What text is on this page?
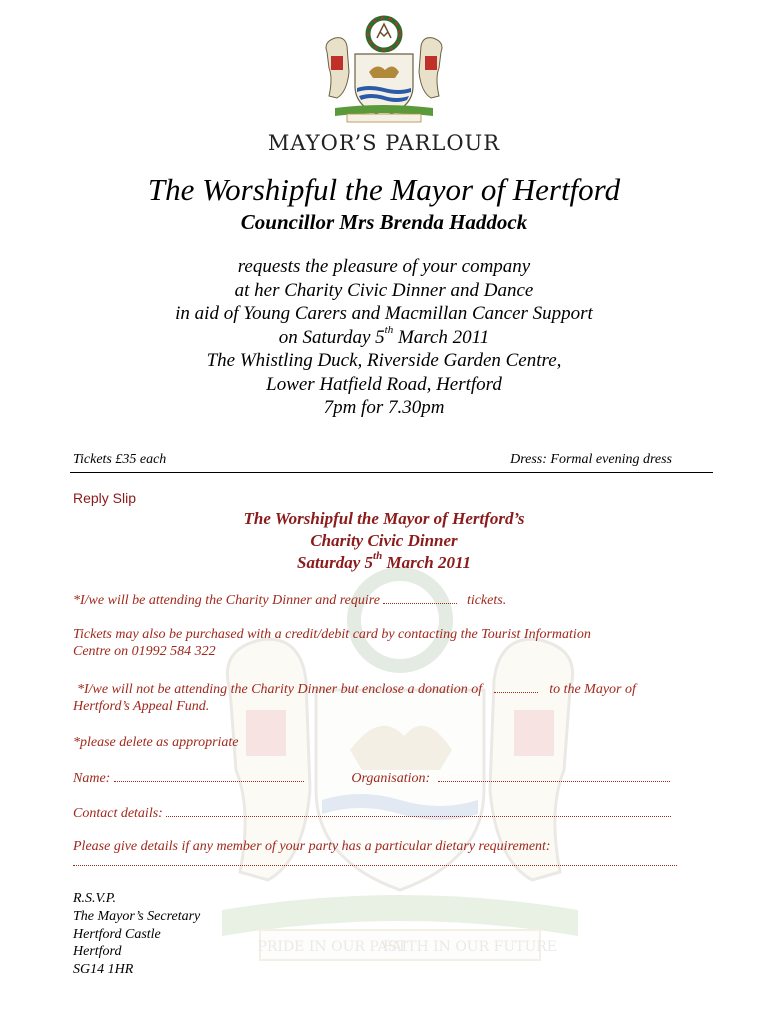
MAYOR’S PARLOUR
PRIDE IN OUR PAST
FAITH IN OUR FUTURE
The Worshipful the Mayor of Hertford
Councillor Mrs Brenda Haddock
requests the pleasure of your company
at her Charity Civic Dinner and Dance
in aid of Young Carers and Macmillan Cancer Support
on Saturday 5th March 2011
The Whistling Duck, Riverside Garden Centre,
Lower Hatfield Road, Hertford
7pm for 7.30pm
Tickets £35 each	Dress: Formal evening dress
Reply Slip
The Worshipful the Mayor of Hertford’s
Charity Civic Dinner
Saturday 5th March 2011
*I/we will be attending the Charity Dinner and require	tickets.
Tickets may also be purchased with a credit/debit card by contacting the Tourist Information
Centre on 01992 584 322
*I/we will not be attending the Charity Dinner but enclose a donation of	to the Mayor of
Hertford’s Appeal Fund.
*please delete as appropriate
Name:	Organisation:
Contact details:
Please give details if any member of your party has a particular dietary requirement:
R.S.V.P.
The Mayor’s Secretary
Hertford Castle
Hertford
SG14 1HR
